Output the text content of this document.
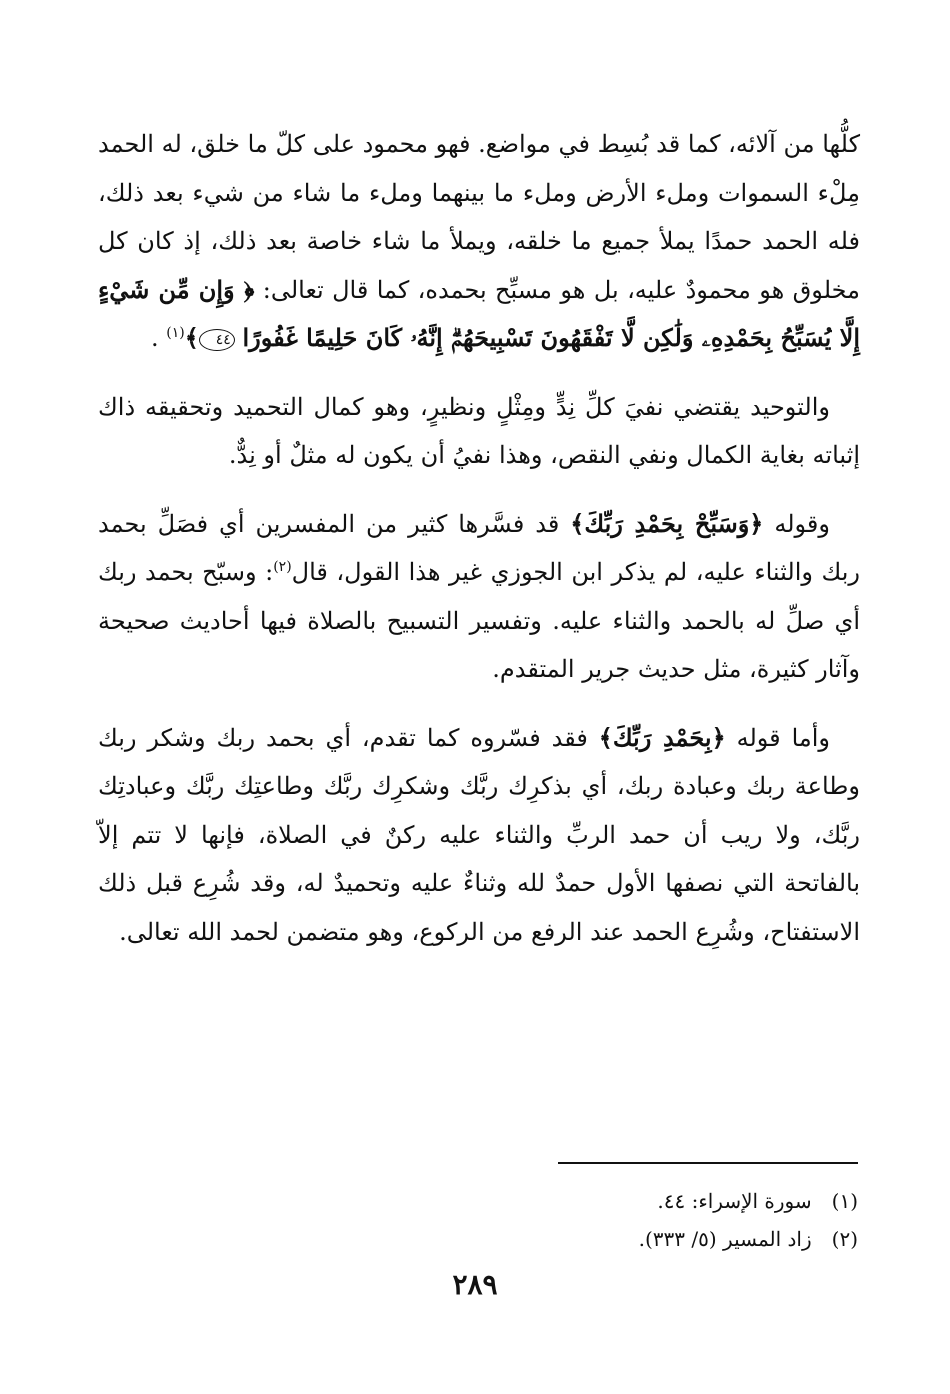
كلُّها من آلائه، كما قد بُسِط في مواضع. فهو محمود على كلّ ما خلق، له الحمد مِلْء السموات وملء الأرض وملء ما بينهما وملء ما شاء من شيء بعد ذلك، فله الحمد حمدًا يملأ جميع ما خلقه، ويملأ ما شاء خاصة بعد ذلك، إذ كان كل مخلوق هو محمودٌ عليه، بل هو مسبِّح بحمده، كما قال تعالى: ﴿ وَإِن مِّن شَيْءٍ إِلَّا يُسَبِّحُ بِحَمْدِهِۦ وَلَٰكِن لَّا تَفْقَهُونَ تَسْبِيحَهُمْۗ إِنَّهُۥ كَانَ حَلِيمًا غَفُورًا ٤٤﴾$^{(١)}$ .

والتوحيد يقتضي نفيَ كلِّ نِدٍّ ومِثْلٍ ونظيرٍ، وهو كمال التحميد وتحقيقه ذاك إثباته بغاية الكمال ونفي النقص، وهذا نفيُ أن يكون له مثلٌ أو نِدٌّ.

وقوله ﴿وَسَبِّحْ بِحَمْدِ رَبِّكَ﴾ قد فسَّرها كثير من المفسرين أي فصَلِّ بحمد ربك والثناء عليه، لم يذكر ابن الجوزي غير هذا القول، قال$^{(٢)}$: وسبّح بحمد ربك أي صلِّ له بالحمد والثناء عليه. وتفسير التسبيح بالصلاة فيها أحاديث صحيحة وآثار كثيرة، مثل حديث جرير المتقدم.

وأما قوله ﴿بِحَمْدِ رَبِّكَ﴾ فقد فسّروه كما تقدم، أي بحمد ربك وشكر ربك وطاعة ربك وعبادة ربك، أي بذكرِك ربَّك وشكرِك ربَّك وطاعتِك ربَّك وعبادتِك ربَّك، ولا ريب أن حمد الربِّ والثناء عليه ركنٌ في الصلاة، فإنها لا تتم إلاّ بالفاتحة التي نصفها الأول حمدٌ لله وثناءٌ عليه وتحميدٌ له، وقد شُرِع قبل ذلك الاستفتاح، وشُرِع الحمد عند الرفع من الركوع، وهو متضمن لحمد الله تعالى.

(١) سورة الإسراء: ٤٤.
(٢) زاد المسير (٥/ ٣٣٣).
٢٨٩
